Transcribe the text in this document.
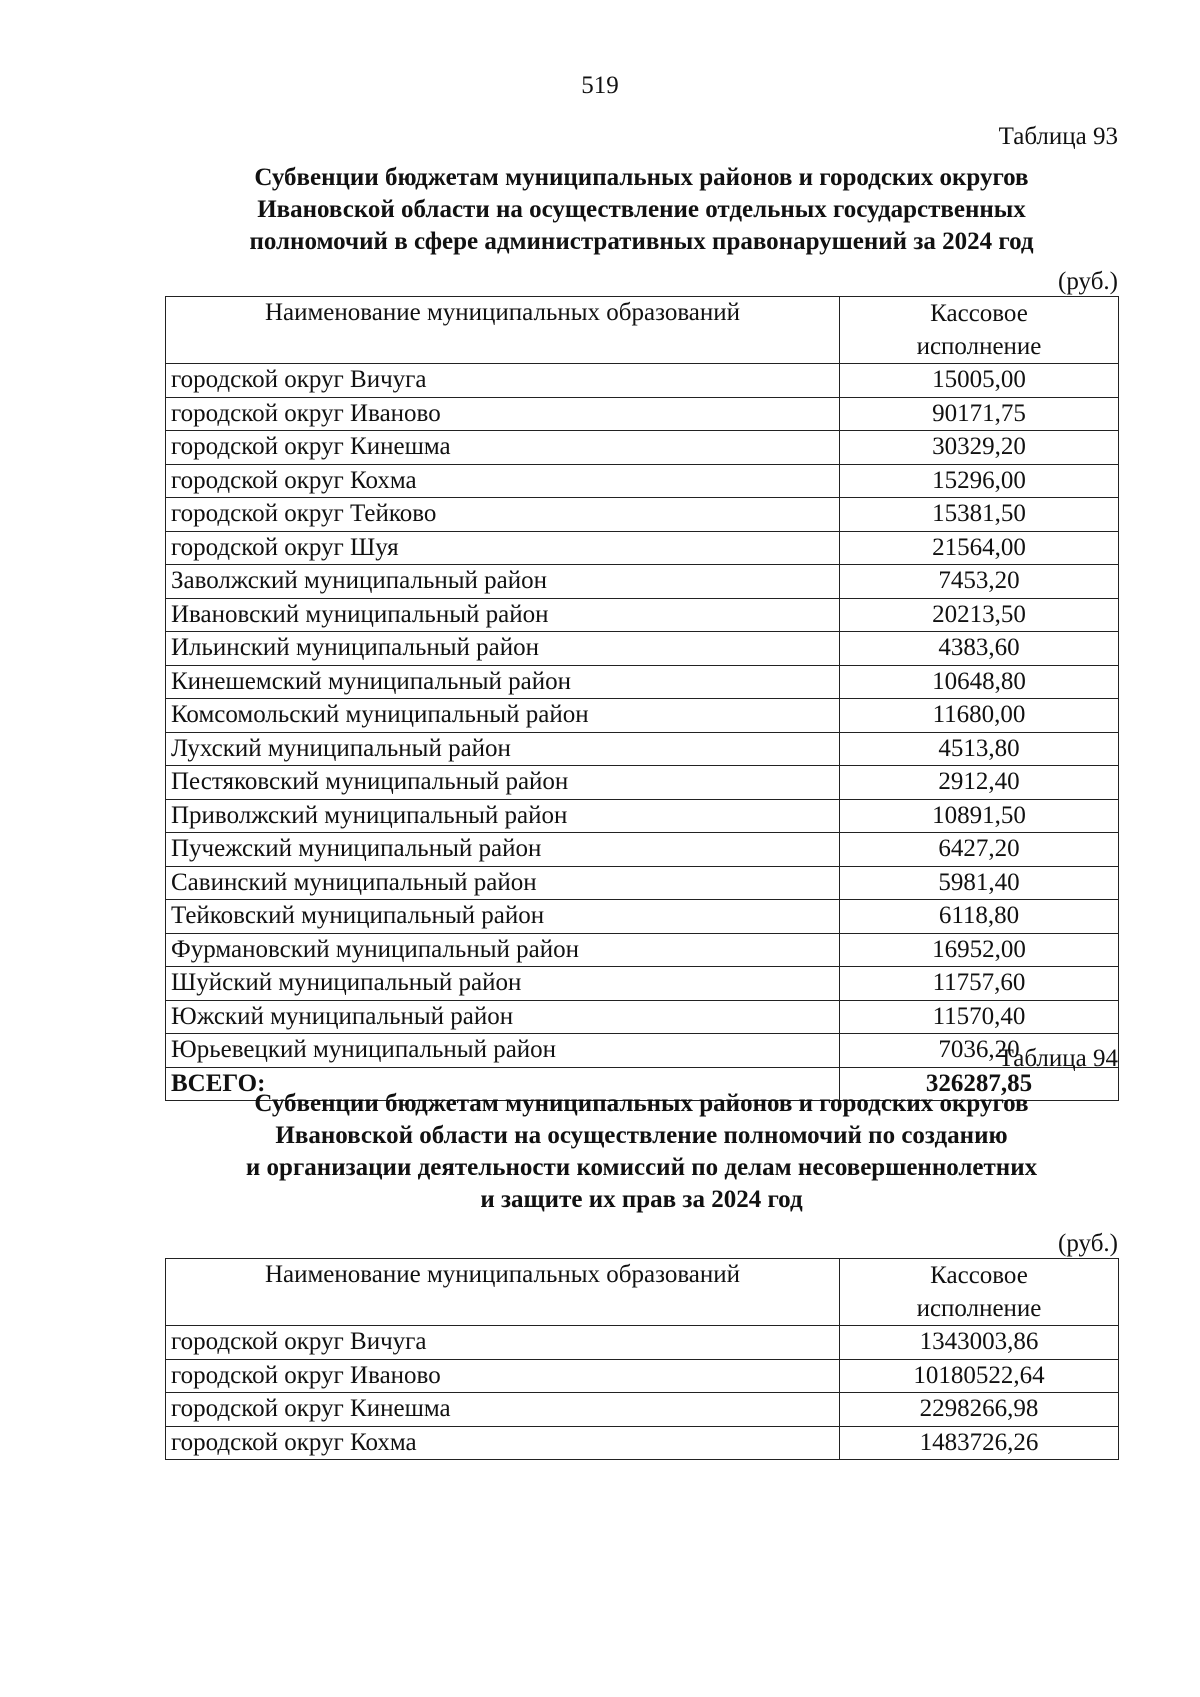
519
Таблица 93
Субвенции бюджетам муниципальных районов и городских округов
Ивановской области на осуществление отдельных государственных
полномочий в сфере административных правонарушений за 2024 год
(руб.)
Наименование муниципальных образований	Кассовое
исполнение

городской округ Вичуга	15005,00
городской округ Иваново	90171,75
городской округ Кинешма	30329,20
городской округ Кохма	15296,00
городской округ Тейково	15381,50
городской округ Шуя	21564,00
Заволжский муниципальный район	7453,20
Ивановский муниципальный район	20213,50
Ильинский муниципальный район	4383,60
Кинешемский муниципальный район	10648,80
Комсомольский муниципальный район	11680,00
Лухский муниципальный район	4513,80
Пестяковский муниципальный район	2912,40
Приволжский муниципальный район	10891,50
Пучежский муниципальный район	6427,20
Савинский муниципальный район	5981,40
Тейковский муниципальный район	6118,80
Фурмановский муниципальный район	16952,00
Шуйский муниципальный район	11757,60
Южский муниципальный район	11570,40
Юрьевецкий муниципальный район	7036,20
ВСЕГО:	326287,85
Таблица 94
Субвенции бюджетам муниципальных районов и городских округов
Ивановской области на осуществление полномочий по созданию
и организации деятельности комиссий по делам несовершеннолетних
и защите их прав за 2024 год
(руб.)
Наименование муниципальных образований	Кассовое
исполнение

городской округ Вичуга	1343003,86
городской округ Иваново	10180522,64
городской округ Кинешма	2298266,98
городской округ Кохма	1483726,26
